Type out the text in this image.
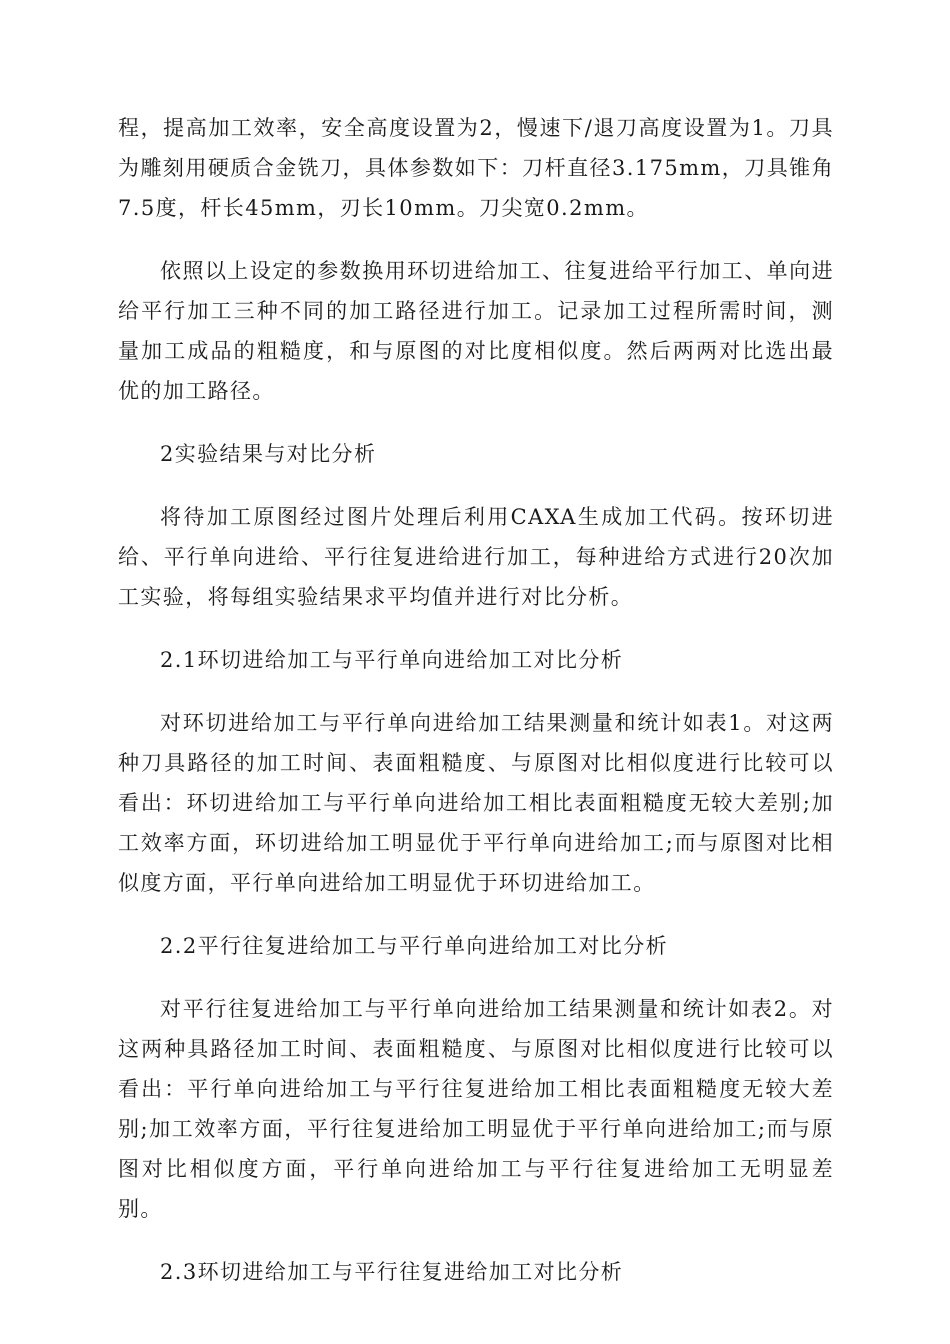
程，提高加工效率，安全高度设置为2，慢速下/退刀高度设置为1。刀具为雕刻用硬质合金铣刀，具体参数如下：刀杆直径3.175mm，刀具锥角7.5度，杆长45mm，刃长10mm。刀尖宽0.2mm。

依照以上设定的参数换用环切进给加工、往复进给平行加工、单向进给平行加工三种不同的加工路径进行加工。记录加工过程所需时间，测量加工成品的粗糙度，和与原图的对比度相似度。然后两两对比选出最优的加工路径。

2实验结果与对比分析

将待加工原图经过图片处理后利用CAXA生成加工代码。按环切进给、平行单向进给、平行往复进给进行加工，每种进给方式进行20次加工实验，将每组实验结果求平均值并进行对比分析。

2.1环切进给加工与平行单向进给加工对比分析

对环切进给加工与平行单向进给加工结果测量和统计如表1。对这两种刀具路径的加工时间、表面粗糙度、与原图对比相似度进行比较可以看出：环切进给加工与平行单向进给加工相比表面粗糙度无较大差别;加工效率方面，环切进给加工明显优于平行单向进给加工;而与原图对比相似度方面，平行单向进给加工明显优于环切进给加工。

2.2平行往复进给加工与平行单向进给加工对比分析

对平行往复进给加工与平行单向进给加工结果测量和统计如表2。对这两种具路径加工时间、表面粗糙度、与原图对比相似度进行比较可以看出：平行单向进给加工与平行往复进给加工相比表面粗糙度无较大差别;加工效率方面，平行往复进给加工明显优于平行单向进给加工;而与原图对比相似度方面，平行单向进给加工与平行往复进给加工无明显差别。

2.3环切进给加工与平行往复进给加工对比分析
